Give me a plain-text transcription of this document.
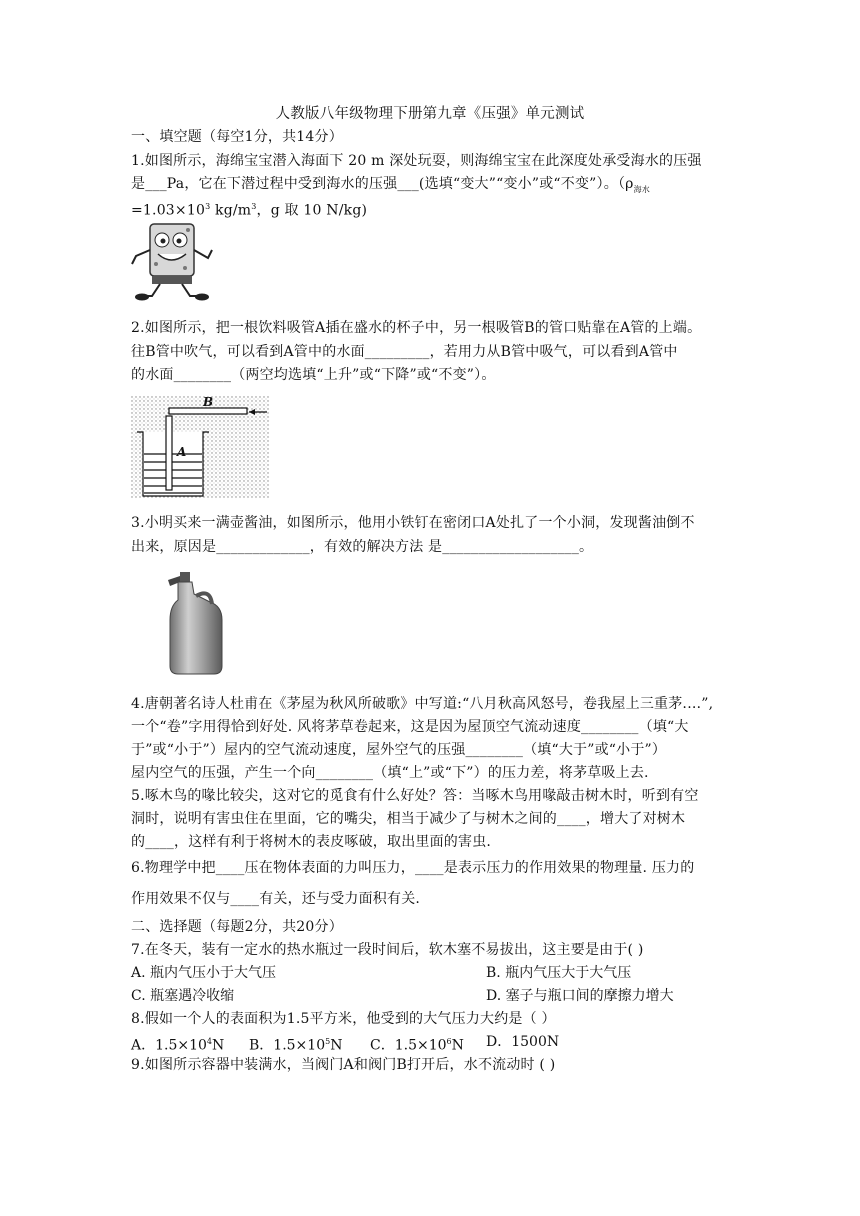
人教版八年级物理下册第九章《压强》单元测试
一、填空题（每空1分，共14分）
1.如图所示，海绵宝宝潜入海面下 20 m 深处玩耍，则海绵宝宝在此深度处承受海水的压强
是___Pa，它在下潜过程中受到海水的压强___(选填“变大”“变小”或“不变”）。（$\rho_{海水}$
$=1.03\times 10^3$ $kg/m^3$，g 取 10 N/kg)
2.如图所示，把一根饮料吸管A插在盛水的杯子中，另一根吸管B的管口贴靠在A管的上端。
往B管中吹气，可以看到A管中的水面_________，若用力从B管中吸气，可以看到A管中
的水面________（两空均选填“上升”或“下降”或“不变”）。
B
A
3.小明买来一满壶酱油，如图所示，他用小铁钉在密闭口A处扎了一个小洞，发现酱油倒不
出来，原因是_____________，有效的解决方法 是___________________。
4.唐朝著名诗人杜甫在《茅屋为秋风所破歌》中写道:“八月秋高风怒号，卷我屋上三重茅.…”,
一个“卷”字用得恰到好处. 风将茅草卷起来，这是因为屋顶空气流动速度________（填“大
于”或“小于”）屋内的空气流动速度，屋外空气的压强________（填“大于”或“小于”）
屋内空气的压强，产生一个向________（填“上”或“下”）的压力差，将茅草吸上去.
5.啄木鸟的喙比较尖，这对它的觅食有什么好处？答：当啄木鸟用喙敲击树木时，听到有空
洞时，说明有害虫住在里面，它的嘴尖，相当于减少了与树木之间的____，增大了对树木
的____，这样有利于将树木的表皮啄破，取出里面的害虫.
6.物理学中把____压在物体表面的力叫压力，____是表示压力的作用效果的物理量. 压力的
作用效果不仅与____有关，还与受力面积有关.
二、选择题（每题2分，共20分）
7.在冬天，装有一定水的热水瓶过一段时间后，软木塞不易拔出，这主要是由于( )
A. 瓶内气压小于大气压	B. 瓶内气压大于大气压
C. 瓶塞遇冷收缩	D. 塞子与瓶口间的摩擦力增大
8.假如一个人的表面积为1.5平方米，他受到的大气压力大约是（ ）
A．$1.5\times 10^4N$ B．$1.5\times 10^5N$ C．$1.5\times 10^6N$ D．1500N
9.如图所示容器中装满水，当阀门A和阀门B打开后，水不流动时 ( )
